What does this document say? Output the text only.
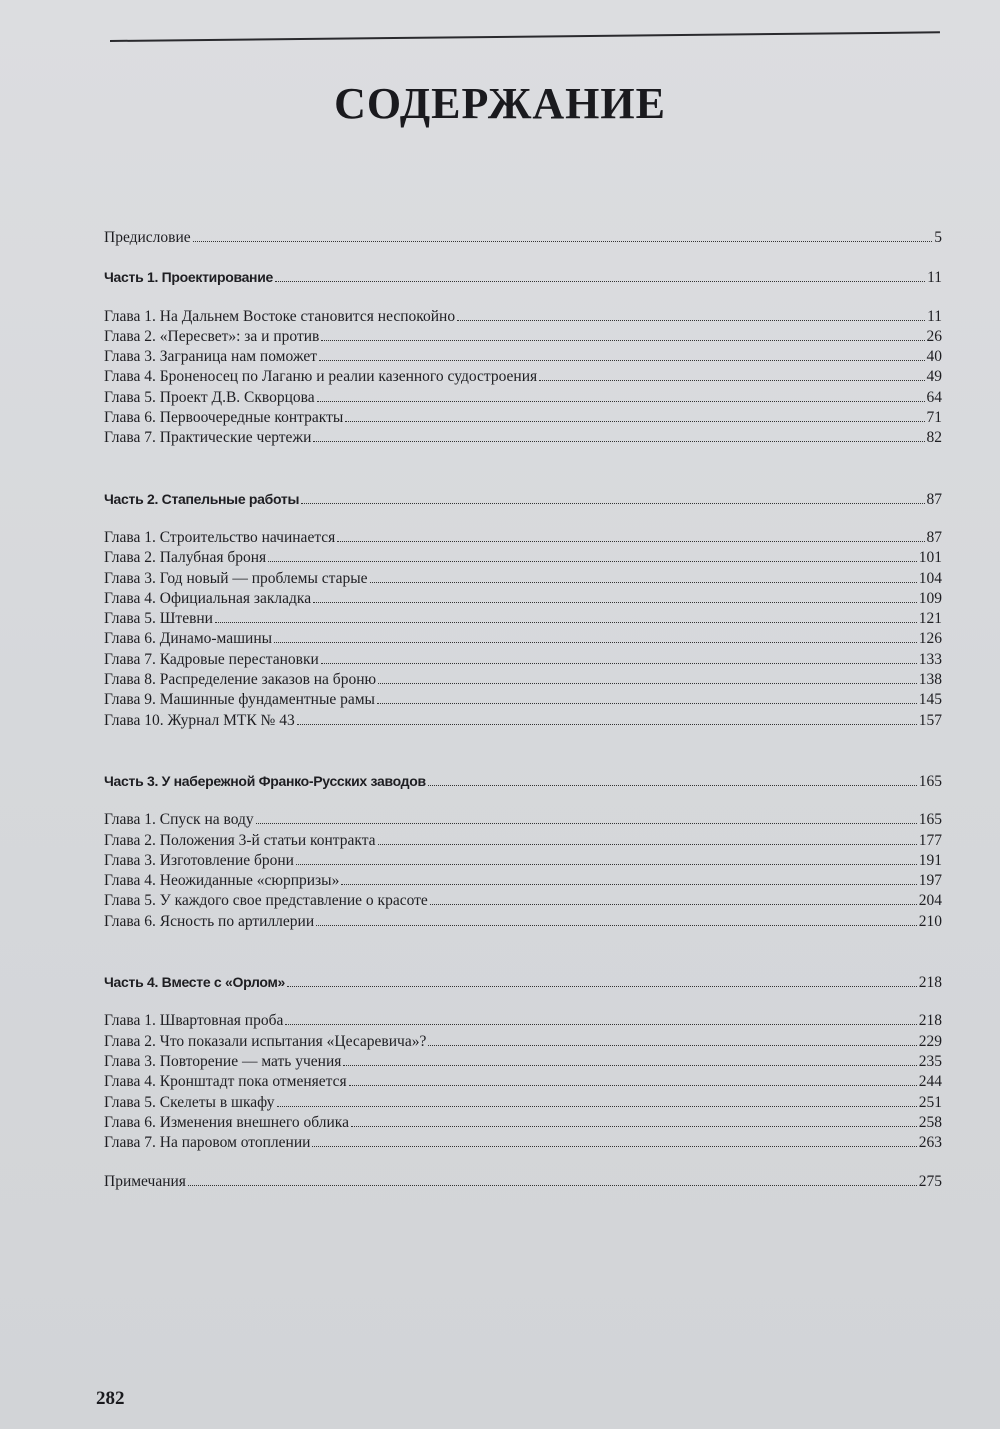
СОДЕРЖАНИЕ
Предисловие	5
Часть 1. Проектирование	11
Глава 1. На Дальнем Востоке становится неспокойно	11
Глава 2. «Пересвет»: за и против	26
Глава 3. Заграница нам поможет	40
Глава 4. Броненосец по Лаганю и реалии казенного судостроения	49
Глава 5. Проект Д.В. Скворцова	64
Глава 6. Первоочередные контракты	71
Глава 7. Практические чертежи	82
Часть 2. Стапельные работы	87
Глава 1. Строительство начинается	87
Глава 2. Палубная броня	101
Глава 3. Год новый — проблемы старые	104
Глава 4. Официальная закладка	109
Глава 5. Штевни	121
Глава 6. Динамо-машины	126
Глава 7. Кадровые перестановки	133
Глава 8. Распределение заказов на броню	138
Глава 9. Машинные фундаментные рамы	145
Глава 10. Журнал МТК № 43	157
Часть 3. У набережной Франко-Русских заводов	165
Глава 1. Спуск на воду	165
Глава 2. Положения 3-й статьи контракта	177
Глава 3. Изготовление брони	191
Глава 4. Неожиданные «сюрпризы»	197
Глава 5. У каждого свое представление о красоте	204
Глава 6. Ясность по артиллерии	210
Часть 4. Вместе с «Орлом»	218
Глава 1. Швартовная проба	218
Глава 2. Что показали испытания «Цесаревича»?	229
Глава 3. Повторение — мать учения	235
Глава 4. Кронштадт пока отменяется	244
Глава 5. Скелеты в шкафу	251
Глава 6. Изменения внешнего облика	258
Глава 7. На паровом отоплении	263
Примечания	275
282
